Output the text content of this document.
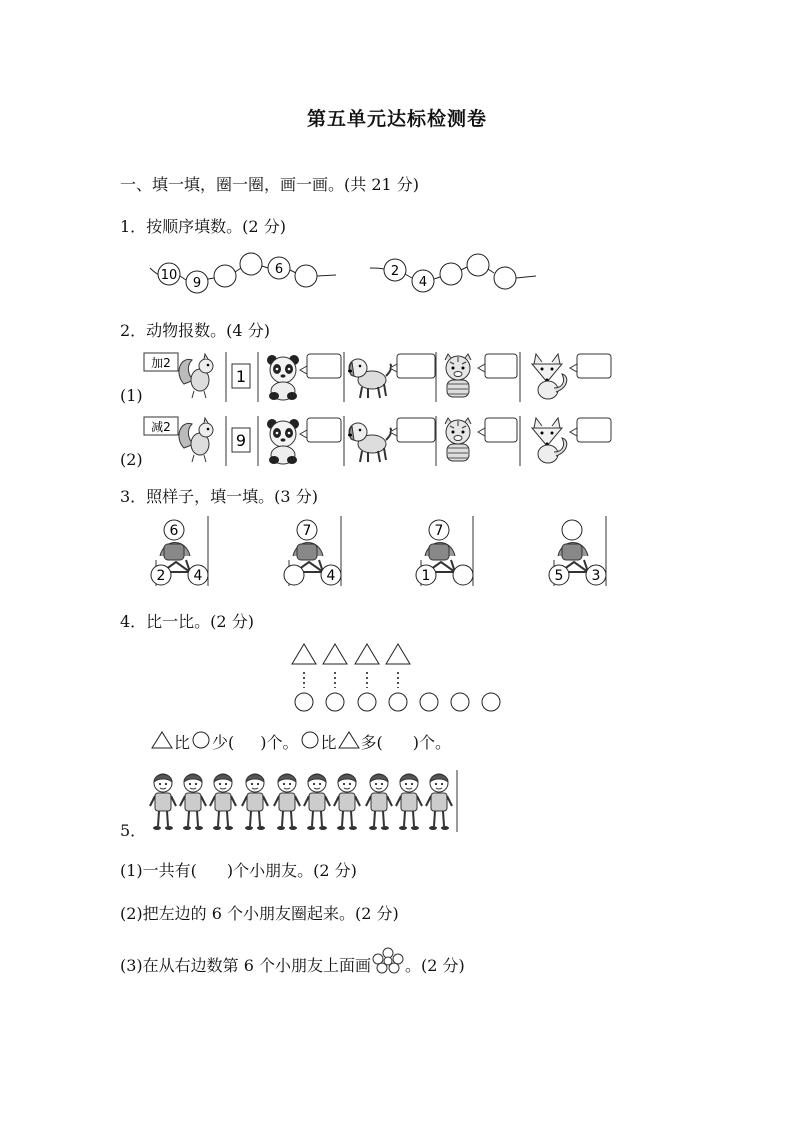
第五单元达标检测卷
一、填一填，圈一圈，画一画。(共 21 分)
1．按顺序填数。(2 分)
10
9
6	2
4
2．动物报数。(4 分)
(1)
(2)
加2
1
减2
9
3．照样子，填一填。(3 分)
6
2 4
7
4
7
1	5 3
4．比一比。(2 分)
比 少( )个。 比 多( )个。
5．
(1)一共有( )个小朋友。(2 分)
(2)把左边的 6 个小朋友圈起来。(2 分)
(3)在从右边数第 6 个小朋友上面画 。(2 分)
